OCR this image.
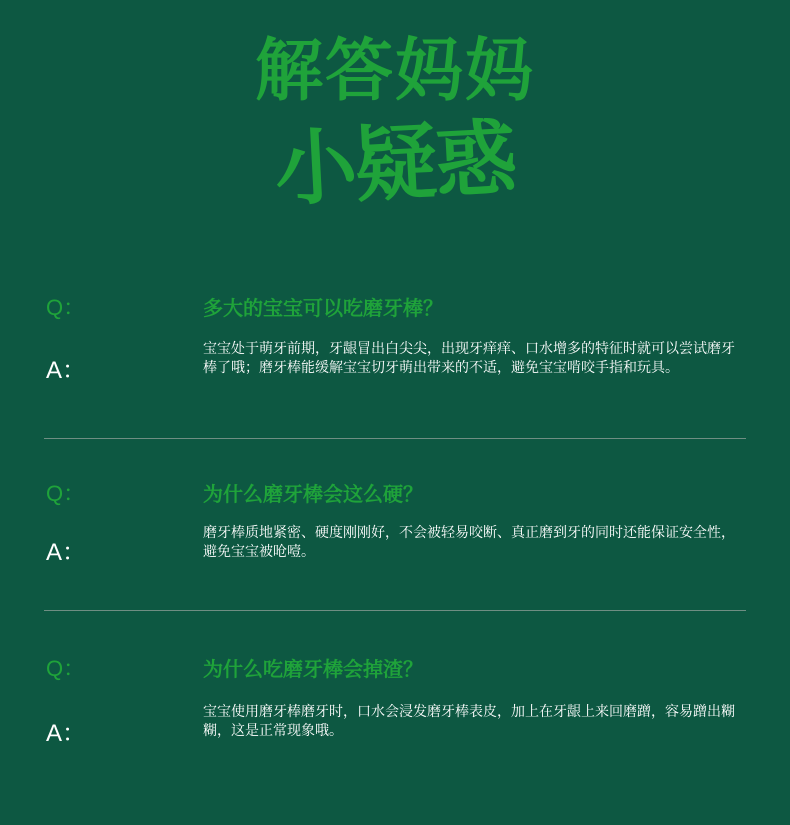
解答妈妈
小疑惑
Q：	多大的宝宝可以吃磨牙棒？
A：
宝宝处于萌牙前期，牙龈冒出白尖尖，出现牙痒痒、口水增多的特征时就可以尝试磨牙棒了哦；磨牙棒能缓解宝宝切牙萌出带来的不适，避免宝宝啃咬手指和玩具。
Q：	为什么磨牙棒会这么硬？
A：
磨牙棒质地紧密、硬度刚刚好，不会被轻易咬断、真正磨到牙的同时还能保证安全性，避免宝宝被呛噎。
Q：	为什么吃磨牙棒会掉渣？
A：
宝宝使用磨牙棒磨牙时，口水会浸发磨牙棒表皮，加上在牙龈上来回磨蹭，容易蹭出糊糊，这是正常现象哦。
